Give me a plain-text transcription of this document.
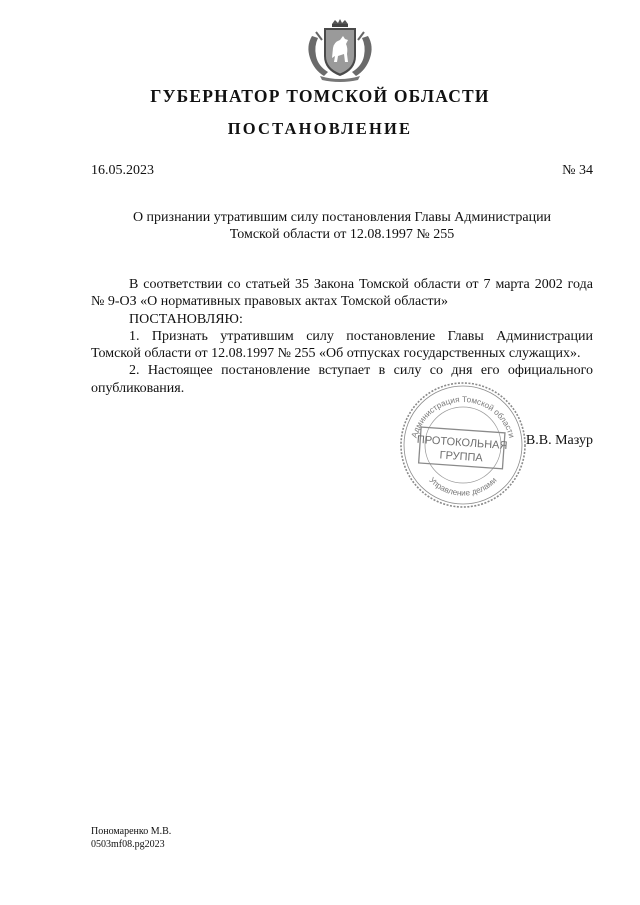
ГУБЕРНАТОР ТОМСКОЙ ОБЛАСТИ
ПОСТАНОВЛЕНИЕ
16.05.2023	№ 34
О признании утратившим силу постановления Главы Администрации
Томской области от 12.08.1997 № 255

В соответствии со статьей 35 Закона Томской области от 7 марта 2002 года

№ 9-ОЗ «О нормативных правовых актах Томской области»

ПОСТАНОВЛЯЮ:

1. Признать утратившим силу постановление Главы Администрации

Томской области от 12.08.1997 № 255 «Об отпусках государственных служащих».

2. Настоящее постановление вступает в силу со дня его официального

опубликования.

Администрация Томской области
Управление делами
ПРОТОКОЛЬНАЯ
ГРУППА
В.В. Мазур
Пономаренко М.В.
0503mf08.pg2023
